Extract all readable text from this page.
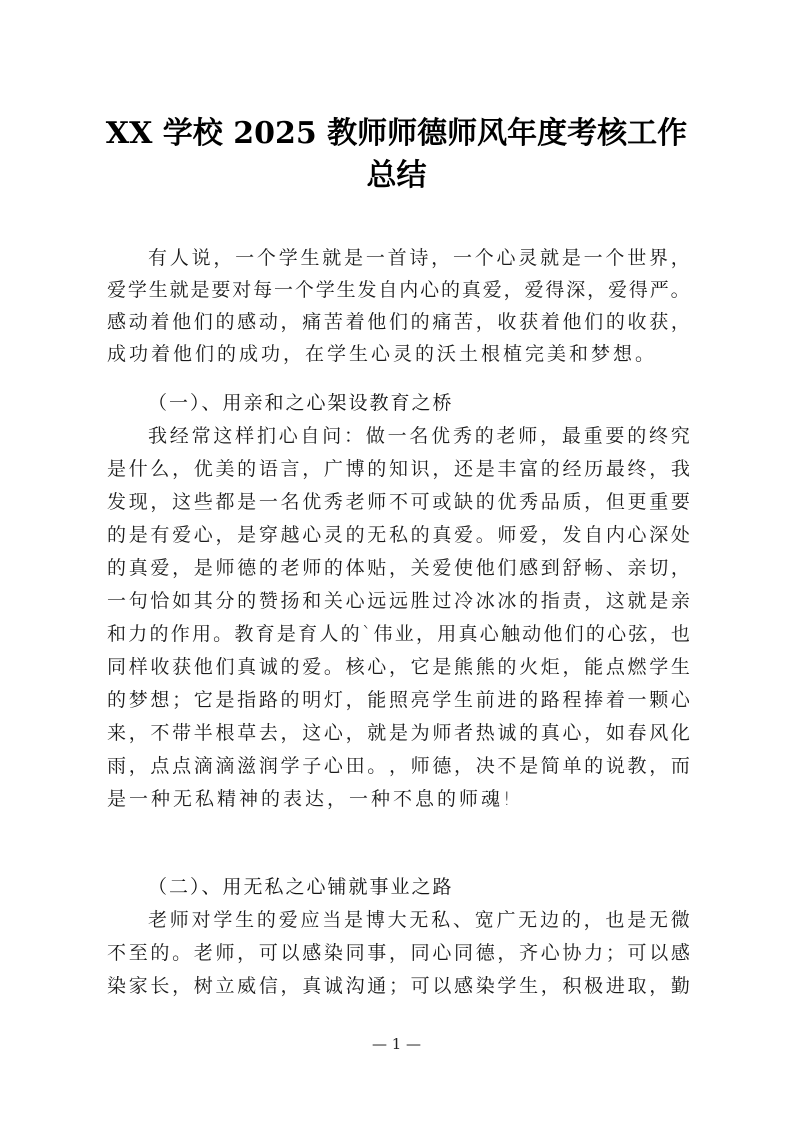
XX 学校 2025 教师师德师风年度考核工作
总结
有 人 说 ， 一 个 学 生 就 是 一 首 诗 ， 一 个 心 灵 就 是 一 个 世 界 ，
爱 学 生 就 是 要 对 每 一 个 学 生 发 自 内 心 的 真 爱 ， 爱 得 深 ， 爱 得 严 。
感 动 着 他 们 的 感 动 ， 痛 苦 着 他 们 的 痛 苦 ， 收 获 着 他 们 的 收 获 ，
成功着他们的成功，在学生心灵的沃土根植完美和梦想。
（一）、用亲和之心架设教育之桥
我 经 常 这 样 扪 心 自 问 ： 做 一 名 优 秀 的 老 师 ， 最 重 要 的 终 究
是 什 么 ， 优 美 的 语 言 ， 广 博 的 知 识 ， 还 是 丰 富 的 经 历 最 终 ， 我
发 现 ， 这 些 都 是 一 名 优 秀 老 师 不 可 或 缺 的 优 秀 品 质 ， 但 更 重 要
的 是 有 爱 心 ， 是 穿 越 心 灵 的 无 私 的 真 爱 。 师 爱 ， 发 自 内 心 深 处
的 真 爱 ， 是 师 德 的 老 师 的 体 贴 ， 关 爱 使 他 们 感 到 舒 畅 、 亲 切 ，
一 句 恰 如 其 分 的 赞 扬 和 关 心 远 远 胜 过 冷 冰 冰 的 指 责 ， 这 就 是 亲
和 力 的 作 用 。 教 育 是 育 人 的 ` 伟 业 ， 用 真 心 触 动 他 们 的 心 弦 ， 也
同 样 收 获 他 们 真 诚 的 爱 。 核 心 ， 它 是 熊 熊 的 火 炬 ， 能 点 燃 学 生
的 梦 想 ； 它 是 指 路 的 明 灯 ， 能 照 亮 学 生 前 进 的 路 程 捧 着 一 颗 心
来 ， 不 带 半 根 草 去 ， 这 心 ， 就 是 为 师 者 热 诚 的 真 心 ， 如 春 风 化
雨 ， 点 点 滴 滴 滋 润 学 子 心 田 。 ， 师 德 ， 决 不 是 简 单 的 说 教 ， 而
是一种无私精神的表达，一种不息的师魂!
（二）、用无私之心铺就事业之路
老 师 对 学 生 的 爱 应 当 是 博 大 无 私 、 宽 广 无 边 的 ， 也 是 无 微
不 至 的 。 老 师 ， 可 以 感 染 同 事 ， 同 心 同 德 ， 齐 心 协 力 ； 可 以 感
染 家 长 ， 树 立 威 信 ， 真 诚 沟 通 ； 可 以 感 染 学 生 ， 积 极 进 取 ， 勤
— 1 —
